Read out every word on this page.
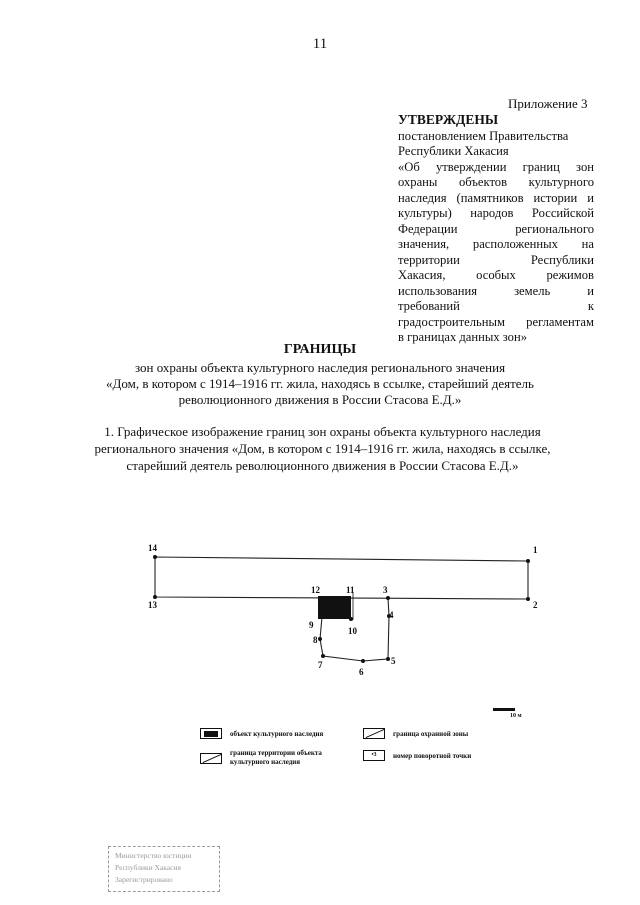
11
Приложение 3
УТВЕРЖДЕНЫ
постановлением Правительства
Республики Хакасия
«Об утверждении границ зон
охраны объектов культурного
наследия (памятников истории и
культуры) народов Российской
Федерации регионального
значения, расположенных на
территории Республики
Хакасия, особых режимов
использования земель и
требований к
градостроительным регламентам
в границах данных зон»
ГРАНИЦЫ
зон охраны объекта культурного наследия регионального значения
«Дом, в котором с 1914–1916 гг. жила, находясь в ссылке, старейший деятель
революционного движения в России Стасова Е.Д.»
1. Графическое изображение границ зон охраны объекта культурного наследия
регионального значения «Дом, в котором с 1914–1916 гг. жила, находясь в ссылке,
старейший деятель революционного движения в России Стасова Е.Д.»
14	1
12	11	3
13	2
4
9
10
8
7
6
5
10 м
объект культурного наследия	граница охранной зоны
граница территории объекта
культурного наследия
•3	номер поворотной точки
Министерство юстиции
Республики Хакасия
Зарегистрировано
